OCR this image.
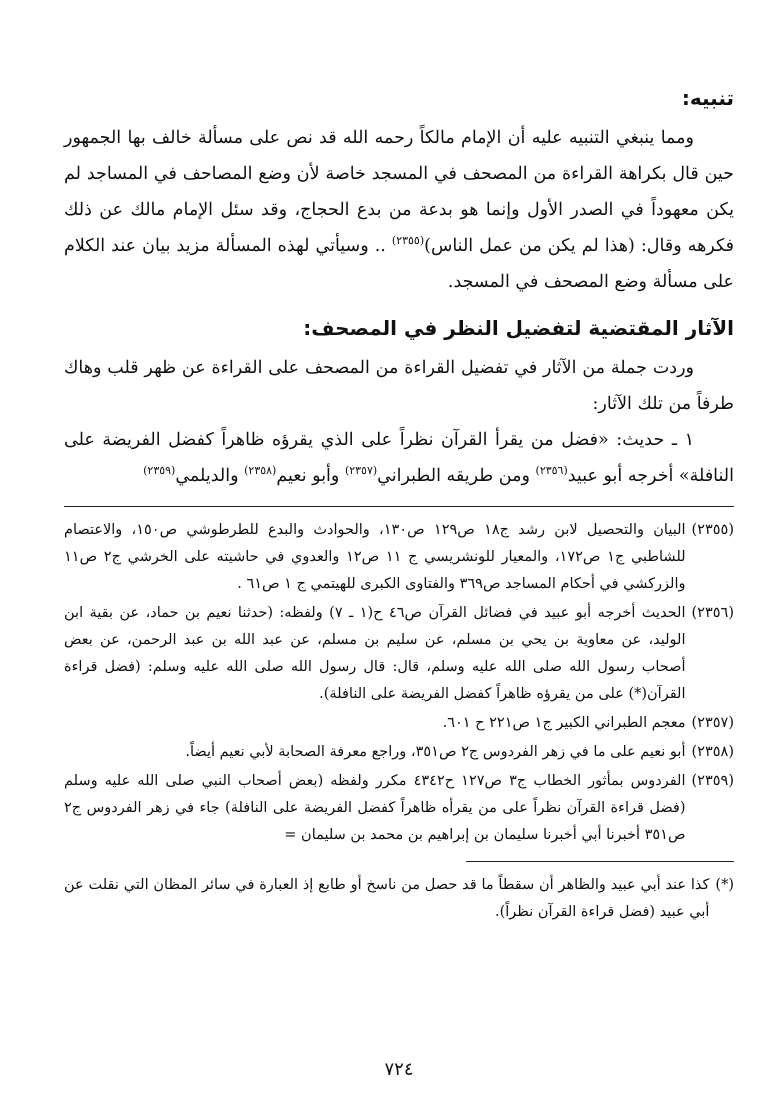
تنبيه:

ومما ينبغي التنبيه عليه أن الإمام مالكاً رحمه الله قد نص على مسألة خالف بها الجمهور حين قال بكراهة القراءة من المصحف في المسجد خاصة لأن وضع المصاحف في المساجد لم يكن معهوداً في الصدر الأول وإنما هو بدعة من بدع الحجاج، وقد سئل الإمام مالك عن ذلك فكرهه وقال: (هذا لم يكن من عمل الناس)$^{(٢٣٥٥)}$ .. وسيأتي لهذه المسألة مزيد بيان عند الكلام على مسألة وضع المصحف في المسجد.

الآثار المقتضية لتفضيل النظر في المصحف:

وردت جملة من الآثار في تفضيل القراءة من المصحف على القراءة عن ظهر قلب وهاك طرفاً من تلك الآثار:

١ ـ حديث: «فضل من يقرأ القرآن نظراً على الذي يقرؤه ظاهراً كفضل الفريضة على النافلة» أخرجه أبو عبيد$^{(٢٣٥٦)}$ ومن طريقه الطبراني$^{(٢٣٥٧)}$ وأبو نعيم$^{(٢٣٥٨)}$ والديلمي$^{(٢٣٥٩)}$

(٢٣٥٥)
البيان والتحصيل لابن رشد ج١٨ ص١٢٩ ص١٣٠، والحوادث والبدع للطرطوشي ص١٥٠، والاعتصام للشاطبي ج١ ص١٧٢، والمعيار للونشريسي ج ١١ ص١٢ والعدوي في حاشيته على الخرشي ج٢ ص١١ والزركشي في أحكام المساجد ص٣٦٩ والفتاوى الكبرى للهيتمي ج ١ ص٦١ .
(٢٣٥٦)
الحديث أخرجه أبو عبيد في فضائل القرآن ص٤٦ ح(١ ـ ٧) ولفظه: (حدثنا نعيم بن حماد، عن بقية ابن الوليد، عن معاوية بن يحي بن مسلم، عن سليم بن مسلم، عن عبد الله بن عبد الرحمن، عن بعض أصحاب رسول الله صلى الله عليه وسلم، قال: قال رسول الله صلى الله عليه وسلم: (فضل قراءة القرآن(*) على من يقرؤه ظاهراً كفضل الفريضة على النافلة).
(٢٣٥٧)
معجم الطبراني الكبير ج١ ص٢٢١ ح ٦٠١.
(٢٣٥٨)
أبو نعيم على ما في زهر الفردوس ج٢ ص٣٥١، وراجع معرفة الصحابة لأبي نعيم أيضاً.
(٢٣٥٩)
الفردوس بمأثور الخطاب ج٣ ص١٢٧ ح٤٣٤٢ مكرر ولفظه (بعض أصحاب النبي صلى الله عليه وسلم (فضل قراءة القرآن نظراً على من يقرأه ظاهراً كفضل الفريضة على النافلة) جاء في زهر الفردوس ج٢ ص٣٥١ أخبرنا أبي أخبرنا سليمان بن إبراهيم بن محمد بن سليمان =
(*)
كذا عند أبي عبيد والظاهر أن سقطاً ما قد حصل من ناسخ أو طابع إذ العبارة في سائر المظان التي نقلت عن أبي عبيد (فضل قراءة القرآن نظراً).
٧٢٤
